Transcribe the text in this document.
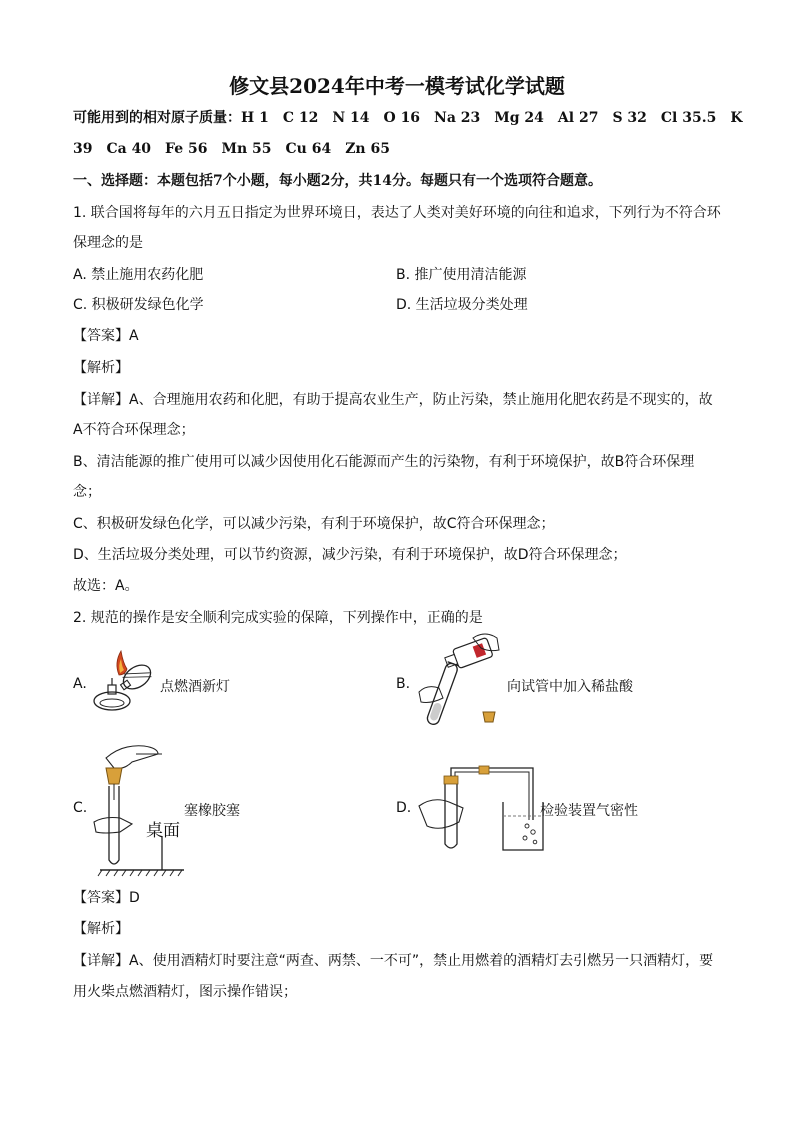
修文县2024年中考一模考试化学试题
可能用到的相对原子质量：H 1　C 12　N 14　O 16　Na 23　Mg 24　Al 27　S 32　Cl 35.5　K
39　Ca 40　Fe 56　Mn 55　Cu 64　Zn 65
一、选择题：本题包括7个小题，每小题2分，共14分。每题只有一个选项符合题意。
1. 联合国将每年的六月五日指定为世界环境日，表达了人类对美好环境的向往和追求，下列行为不符合环
保理念的是
A. 禁止施用农药化肥	B. 推广使用清洁能源
C. 积极研发绿色化学	D. 生活垃圾分类处理
【答案】A
【解析】
【详解】A、合理施用农药和化肥，有助于提高农业生产，防止污染，禁止施用化肥农药是不现实的，故
A不符合环保理念；
B、清洁能源的推广使用可以减少因使用化石能源而产生的污染物，有利于环境保护，故B符合环保理
念；
C、积极研发绿色化学，可以减少污染，有利于环境保护，故C符合环保理念；
D、生活垃圾分类处理，可以节约资源，减少污染，有利于环境保护，故D符合环保理念；
故选：A。
2. 规范的操作是安全顺利完成实验的保障，下列操作中，正确的是
A.	点燃酒新灯	B.	向试管中加入稀盐酸
C.
桌面
塞橡胶塞	D.	检验装置气密性
【答案】D
【解析】
【详解】A、使用酒精灯时要注意“两查、两禁、一不可”，禁止用燃着的酒精灯去引燃另一只酒精灯，要
用火柴点燃酒精灯，图示操作错误；
